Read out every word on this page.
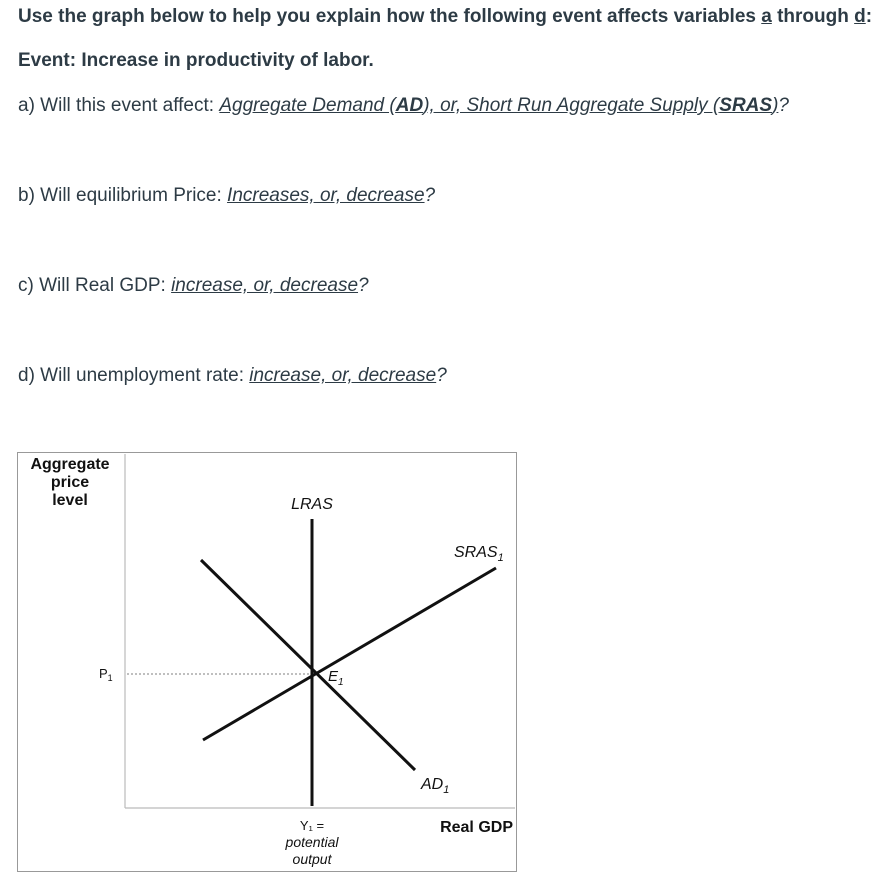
Use the graph below to help you explain how the following event affects variables a through d:
Event: Increase in productivity of labor.
a) Will this event affect: Aggregate Demand (AD), or, Short Run Aggregate Supply (SRAS)?
b) Will equilibrium Price: Increases, or, decrease?
c) Will Real GDP: increase, or, decrease?
d) Will unemployment rate: increase, or, decrease?
Aggregate
price
level
$P_1$
LRAS
$SRAS_1$
$AD_1$
$E_1$
Y₁ =
potential
output
Real GDP
